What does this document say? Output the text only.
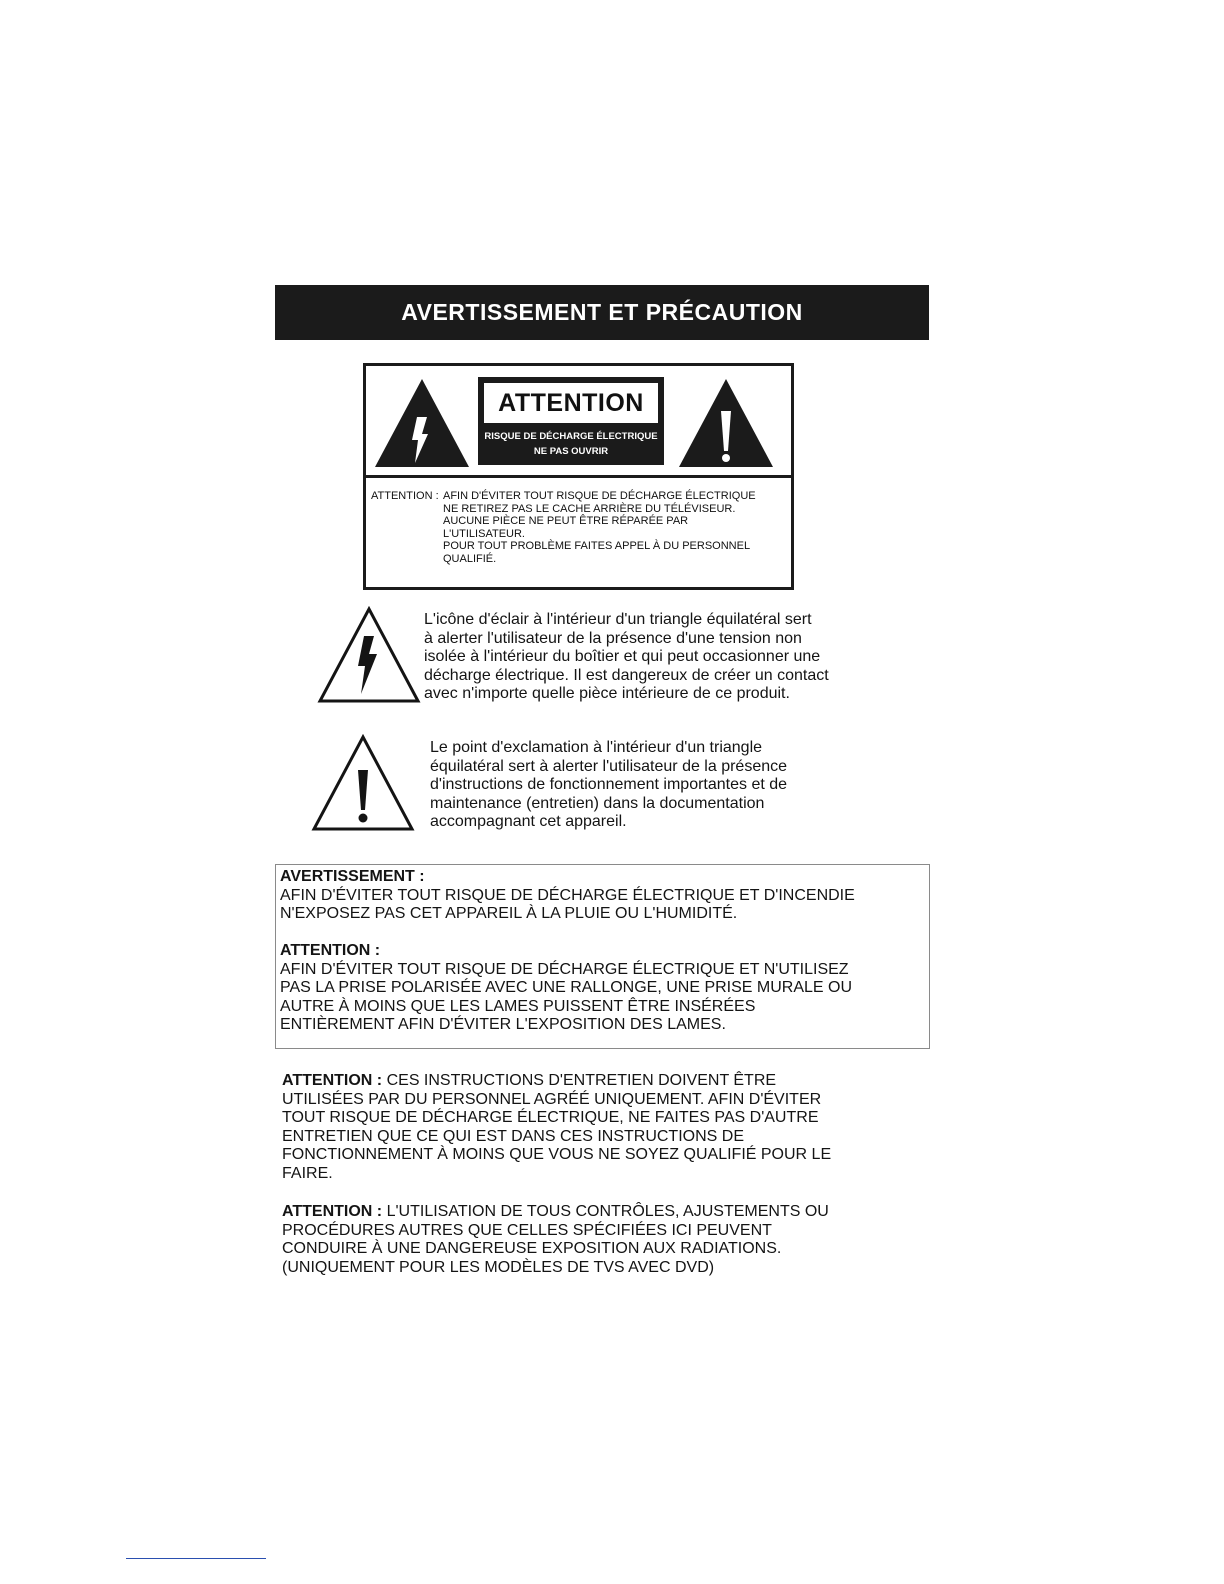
AVERTISSEMENT ET PRÉCAUTION
ATTENTION
RISQUE DE DÉCHARGE ÉLECTRIQUE
NE PAS OUVRIR
ATTENTION : AFIN D'ÉVITER TOUT RISQUE DE DÉCHARGE ÉLECTRIQUE
NE RETIREZ PAS LE CACHE ARRIÈRE DU TÉLÉVISEUR.
AUCUNE PIÈCE NE PEUT ÊTRE RÉPARÉE PAR
L'UTILISATEUR.
POUR TOUT PROBLÈME FAITES APPEL À DU PERSONNEL
QUALIFIÉ.
L'icône d'éclair à l'intérieur d'un triangle équilatéral sert
à alerter l'utilisateur de la présence d'une tension non
isolée à l'intérieur du boîtier et qui peut occasionner une
décharge électrique. Il est dangereux de créer un contact
avec n'importe quelle pièce intérieure de ce produit.
Le point d'exclamation à l'intérieur d'un triangle
équilatéral sert à alerter l'utilisateur de la présence
d'instructions de fonctionnement importantes et de
maintenance (entretien) dans la documentation
accompagnant cet appareil.
AVERTISSEMENT :
AFIN D'ÉVITER TOUT RISQUE DE DÉCHARGE ÉLECTRIQUE ET D'INCENDIE
N'EXPOSEZ PAS CET APPAREIL À LA PLUIE OU L'HUMIDITÉ.
ATTENTION :
AFIN D'ÉVITER TOUT RISQUE DE DÉCHARGE ÉLECTRIQUE ET N'UTILISEZ
PAS LA PRISE POLARISÉE AVEC UNE RALLONGE, UNE PRISE MURALE OU
AUTRE À MOINS QUE LES LAMES PUISSENT ÊTRE INSÉRÉES
ENTIÈREMENT AFIN D'ÉVITER L'EXPOSITION DES LAMES.
ATTENTION : CES INSTRUCTIONS D'ENTRETIEN DOIVENT ÊTRE
UTILISÉES PAR DU PERSONNEL AGRÉÉ UNIQUEMENT. AFIN D'ÉVITER
TOUT RISQUE DE DÉCHARGE ÉLECTRIQUE, NE FAITES PAS D'AUTRE
ENTRETIEN QUE CE QUI EST DANS CES INSTRUCTIONS DE
FONCTIONNEMENT À MOINS QUE VOUS NE SOYEZ QUALIFIÉ POUR LE
FAIRE.
ATTENTION : L'UTILISATION DE TOUS CONTRÔLES, AJUSTEMENTS OU
PROCÉDURES AUTRES QUE CELLES SPÉCIFIÉES ICI PEUVENT
CONDUIRE À UNE DANGEREUSE EXPOSITION AUX RADIATIONS.
(UNIQUEMENT POUR LES MODÈLES DE TVS AVEC DVD)
